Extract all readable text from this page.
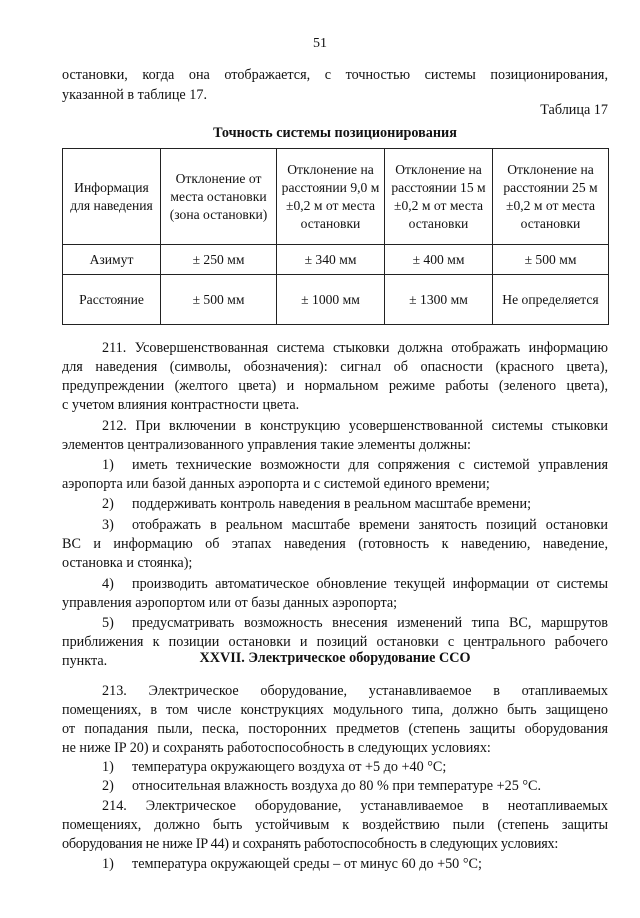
51

остановки, когда она отображается, с точностью системы позиционирования,

указанной в таблице 17.

Таблица 17

Точность системы позиционирования

Информация для наведения	Отклонение от места остановки (зона остановки)	Отклонение на расстоянии 9,0 м ±0,2 м от места остановки	Отклонение на расстоянии 15 м ±0,2 м от места остановки	Отклонение на расстоянии 25 м ±0,2 м от места остановки
Азимут	± 250 мм	± 340 мм	± 400 мм	± 500 мм
Расстояние	± 500 мм	± 1000 мм	± 1300 мм	Не определяется

211. Усовершенствованная система стыковки должна отображать информацию

для наведения (символы, обозначения): сигнал об опасности (красного цвета),

предупреждении (желтого цвета) и нормальном режиме работы (зеленого цвета),

с учетом влияния контрастности цвета.

212. При включении в конструкцию усовершенствованной системы стыковки

элементов централизованного управления такие элементы должны:

1) иметь технические возможности для сопряжения с системой управления

аэропорта или базой данных аэропорта и с системой единого времени;

2) поддерживать контроль наведения в реальном масштабе времени;

3) отображать в реальном масштабе времени занятость позиций остановки

ВС и информацию об этапах наведения (готовность к наведению, наведение,

остановка и стоянка);

4) производить автоматическое обновление текущей информации от системы

управления аэропортом или от базы данных аэропорта;

5) предусматривать возможность внесения изменений типа ВС, маршрутов

приближения к позиции остановки и позиций остановки с центрального рабочего

пункта.	XXVII. Электрическое оборудование ССО

213. Электрическое оборудование, устанавливаемое в отапливаемых

помещениях, в том числе конструкциях модульного типа, должно быть защищено

от попадания пыли, песка, посторонних предметов (степень защиты оборудования

не ниже IP 20) и сохранять работоспособность в следующих условиях:

1) температура окружающего воздуха от +5 до +40 °C;

2) относительная влажность воздуха до 80 % при температуре +25 °C.

214. Электрическое оборудование, устанавливаемое в неотапливаемых

помещениях, должно быть устойчивым к воздействию пыли (степень защиты

оборудования не ниже IP 44) и сохранять работоспособность в следующих условиях:

1) температура окружающей среды – от минус 60 до +50 °C;
